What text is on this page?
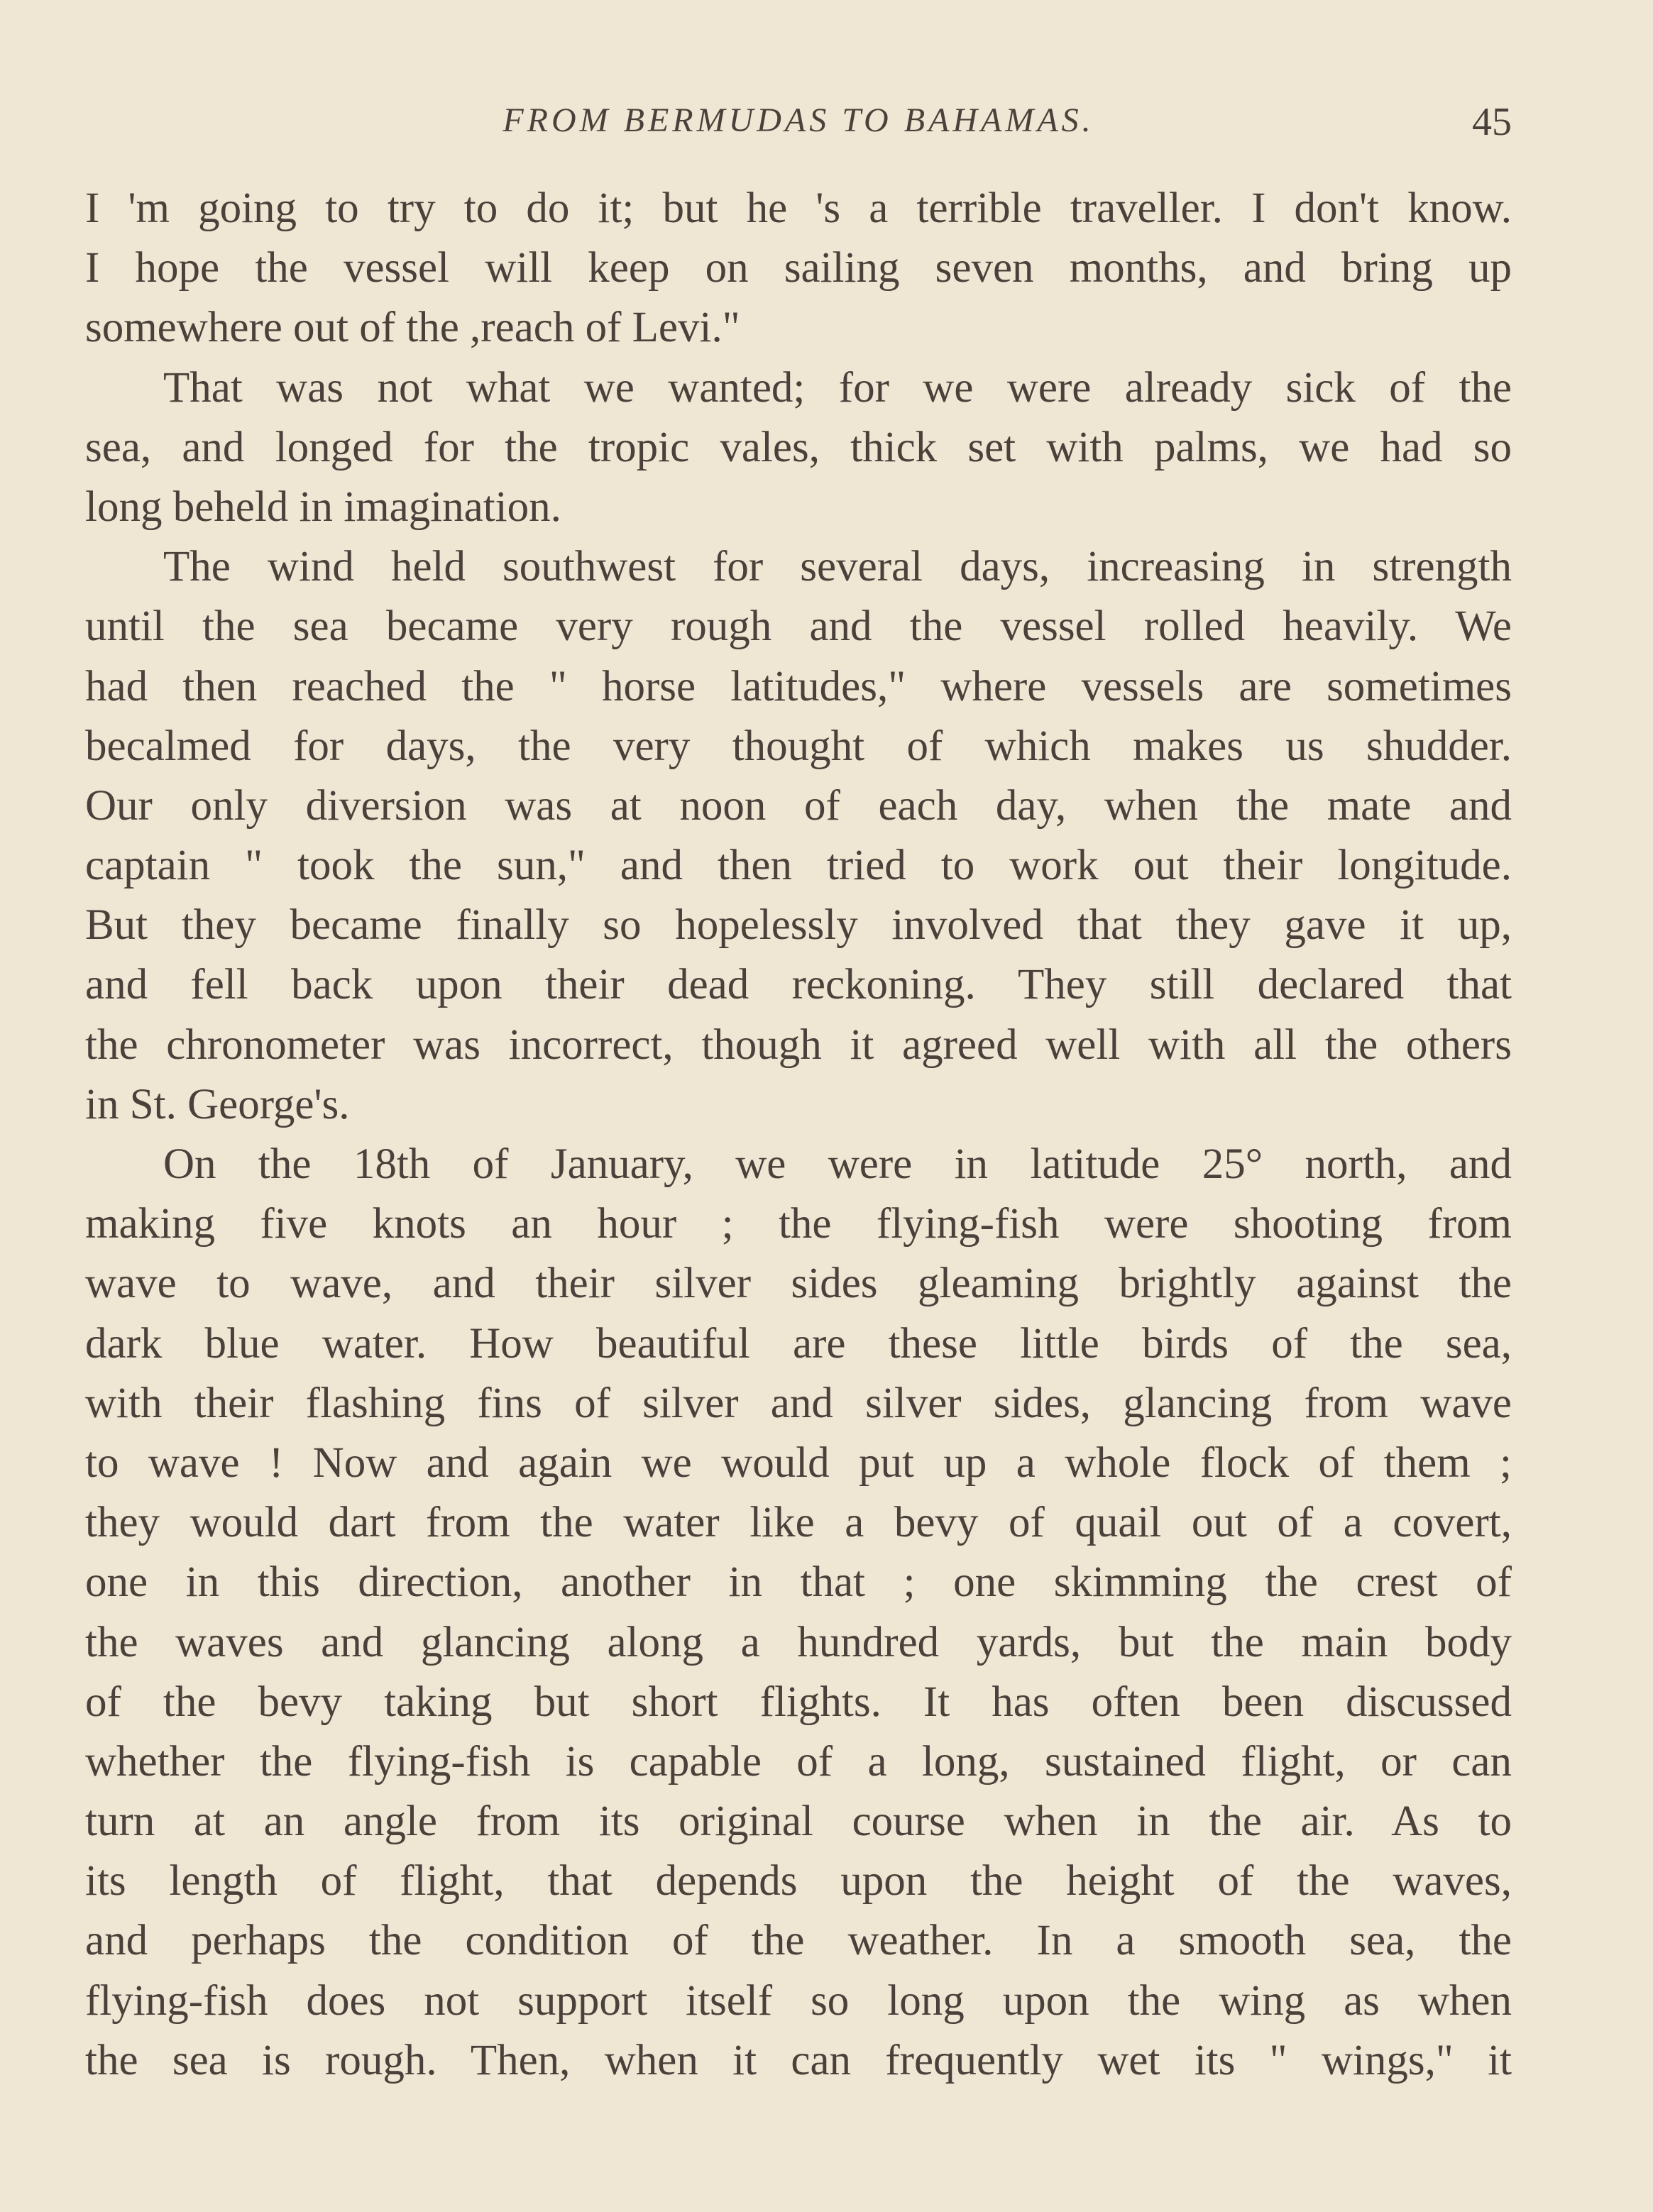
FROM BERMUDAS TO BAHAMAS.	45
I 'm going to try to do it; but he 's a terrible traveller. I don't know.
I hope the vessel will keep on sailing seven months, and bring up
somewhere out of the ,reach of Levi."
That was not what we wanted; for we were already sick of the
sea, and longed for the tropic vales, thick set with palms, we had so
long beheld in imagination.
The wind held southwest for several days, increasing in strength
until the sea became very rough and the vessel rolled heavily. We
had then reached the " horse latitudes," where vessels are sometimes
becalmed for days, the very thought of which makes us shudder.
Our only diversion was at noon of each day, when the mate and
captain " took the sun," and then tried to work out their longitude.
But they became finally so hopelessly involved that they gave it up,
and fell back upon their dead reckoning. They still declared that
the chronometer was incorrect, though it agreed well with all the others
in St. George's.
On the 18th of January, we were in latitude 25° north, and
making five knots an hour ; the flying-fish were shooting from
wave to wave, and their silver sides gleaming brightly against the
dark blue water. How beautiful are these little birds of the sea,
with their flashing fins of silver and silver sides, glancing from wave
to wave ! Now and again we would put up a whole flock of them ;
they would dart from the water like a bevy of quail out of a covert,
one in this direction, another in that ; one skimming the crest of
the waves and glancing along a hundred yards, but the main body
of the bevy taking but short flights. It has often been discussed
whether the flying-fish is capable of a long, sustained flight, or can
turn at an angle from its original course when in the air. As to
its length of flight, that depends upon the height of the waves,
and perhaps the condition of the weather. In a smooth sea, the
flying-fish does not support itself so long upon the wing as when
the sea is rough. Then, when it can frequently wet its " wings," it
